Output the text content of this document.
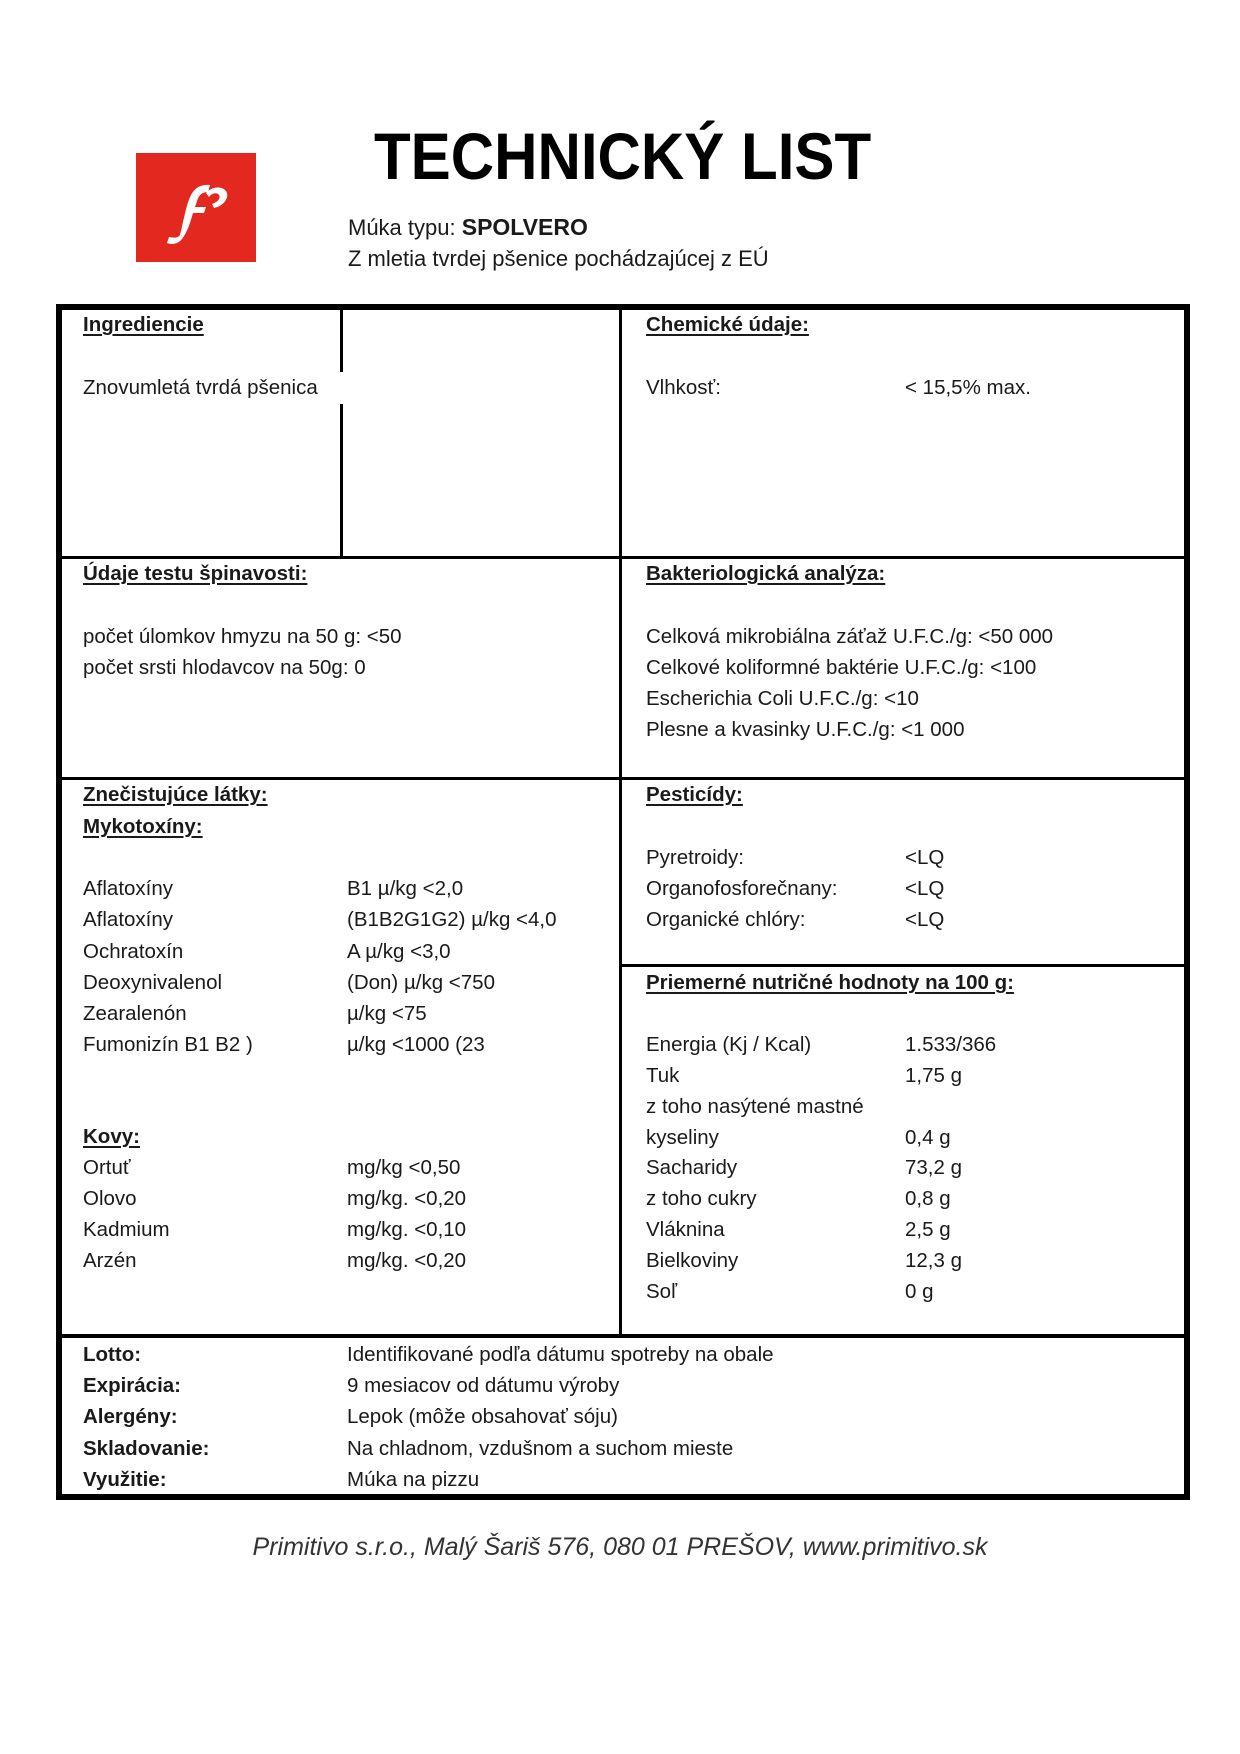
TECHNICKÝ LIST
Múka typu: SPOLVERO
Z mletia tvrdej pšenice pochádzajúcej z EÚ
Ingrediencie
Znovumletá tvrdá pšenica
Chemické údaje:
Vlhkosť:	< 15,5% max.
Údaje testu špinavosti:
počet úlomkov hmyzu na 50 g: <50
počet srsti hlodavcov na 50g: 0
Bakteriologická analýza:
Celková mikrobiálna záťaž U.F.C./g: <50 000
Celkové koliformné baktérie U.F.C./g: <100
Escherichia Coli U.F.C./g: <10
Plesne a kvasinky U.F.C./g: <1 000
Znečistujúce látky:
Mykotoxíny:
Aflatoxíny	B1 µ/kg <2,0
Aflatoxíny	(B1B2G1G2) µ/kg <4,0
Ochratoxín	A µ/kg <3,0
Deoxynivalenol	(Don) µ/kg <750
Zearalenón	µ/kg <75
Fumonizín B1 B2 )	µ/kg <1000 (23
Kovy:
Ortuť	mg/kg <0,50
Olovo	mg/kg. <0,20
Kadmium	mg/kg. <0,10
Arzén	mg/kg. <0,20
Pesticídy:
Pyretroidy:	<LQ
Organofosforečnany:	<LQ
Organické chlóry:	<LQ
Priemerné nutričné hodnoty na 100 g:
Energia (Kj / Kcal)	1.533/366
Tuk	1,75 g
z toho nasýtené mastné
kyseliny	0,4 g
Sacharidy	73,2 g
z toho cukry	0,8 g
Vláknina	2,5 g
Bielkoviny	12,3 g
Soľ	0 g
Lotto:	Identifikované podľa dátumu spotreby na obale
Expirácia:	9 mesiacov od dátumu výroby
Alergény:	Lepok (môže obsahovať sóju)
Skladovanie:	Na chladnom, vzdušnom a suchom mieste
Využitie:	Múka na pizzu
Primitivo s.r.o., Malý Šariš 576, 080 01 PREŠOV, www.primitivo.sk
